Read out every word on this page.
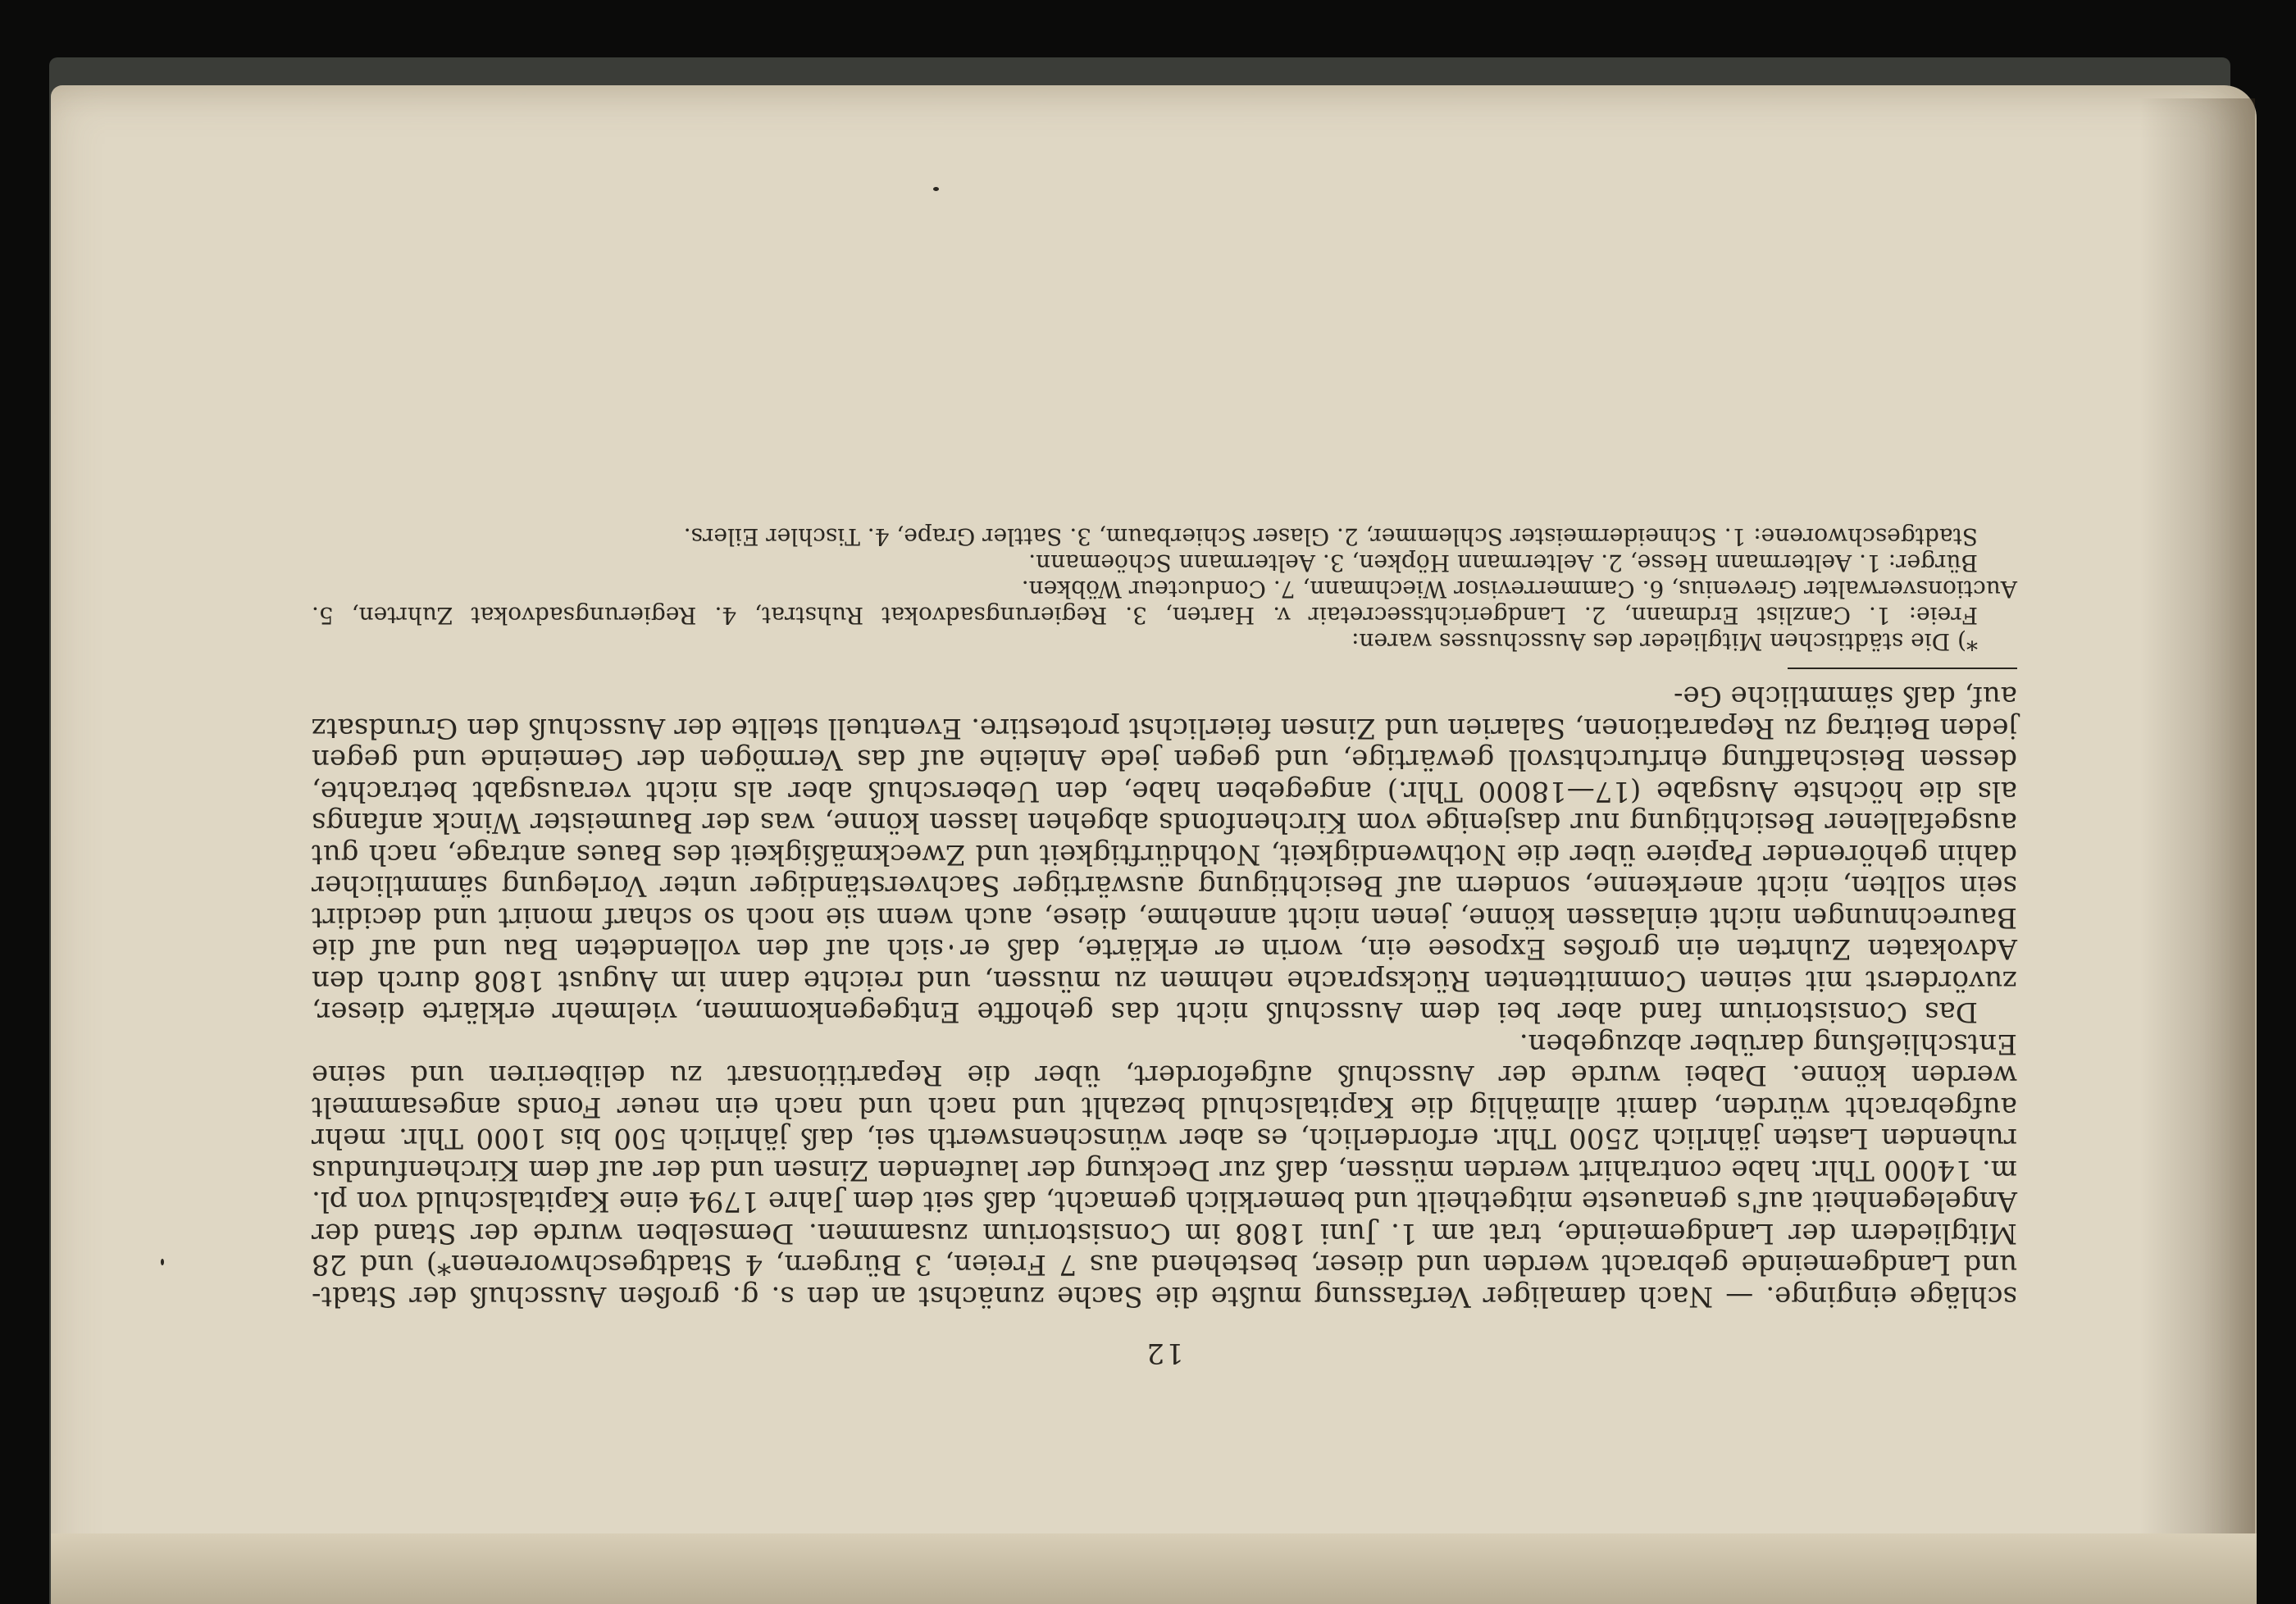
12

schläge einginge. — Nach damaliger Verfassung mußte die Sache zunächst an den s. g. großen Ausschuß der Stadt- und Landgemeinde gebracht werden und dieser, bestehend aus 7 Freien, 3 Bürgern, 4 Stadtgeschworenen*) und 28 Mitgliedern der Landgemeinde, trat am 1. Juni 1808 im Consistorium zusammen. Demselben wurde der Stand der Angelegenheit auf's genaueste mitgetheilt und bemerklich gemacht, daß seit dem Jahre 1794 eine Kapitalschuld von pl. m. 14000 Thlr. habe contrahirt werden müssen, daß zur Deckung der laufenden Zinsen und der auf dem Kirchenfundus ruhenden Lasten jährlich 2500 Thlr. erforderlich, es aber wünschenswerth sei, daß jährlich 500 bis 1000 Thlr. mehr aufgebracht würden, damit allmählig die Kapitalschuld bezahlt und nach und nach ein neuer Fonds angesammelt werden könne. Dabei wurde der Ausschuß aufgefordert, über die Repartitionsart zu deliberiren und seine Entschließung darüber abzugeben.

Das Consistorium fand aber bei dem Ausschuß nicht das gehoffte Entgegenkommen, vielmehr erklärte dieser, zuvörderst mit seinen Committenten Rücksprache nehmen zu müssen, und reichte dann im August 1808 durch den Advokaten Zuhrten ein großes Exposee ein, worin er erklärte, daß er sich auf den vollendeten Bau und auf die Baurechnungen nicht einlassen könne, jenen nicht annehme, diese, auch wenn sie noch so scharf monirt und decidirt sein sollten, nicht anerkenne, sondern auf Besichtigung auswärtiger Sachverständiger unter Vorlegung sämmtlicher dahin gehörender Papiere über die Nothwendigkeit, Nothdürftigkeit und Zweckmäßigkeit des Baues antrage, nach gut ausgefallener Besichtigung nur dasjenige vom Kirchenfonds abgehen lassen könne, was der Baumeister Winck anfangs als die höchste Ausgabe (17—18000 Thlr.) angegeben habe, den Ueberschuß aber als nicht verausgabt betrachte, dessen Beischaffung ehrfurchtsvoll gewärtige, und gegen jede Anleihe auf das Vermögen der Gemeinde und gegen jeden Beitrag zu Reparationen, Salarien und Zinsen feierlichst protestire. Eventuell stellte der Ausschuß den Grundsatz auf, daß sämmtliche Ge-

*) Die städtischen Mitglieder des Ausschusses waren:

Freie: 1. Canzlist Erdmann, 2. Landgerichtssecretair v. Harten, 3. Regierungsadvokat Ruhstrat, 4. Regierungsadvokat Zuhrten, 5. Auctionsverwalter Grevenius, 6. Cammerrevisor Wiechmann, 7. Conducteur Wöbken.

Bürger: 1. Aeltermann Hesse, 2. Aeltermann Höpken, 3. Aeltermann Schöemann.

Stadtgeschworene: 1. Schneidermeister Schlemmer, 2. Glaser Schierbaum, 3. Sattler Grape, 4. Tischler Eilers.
